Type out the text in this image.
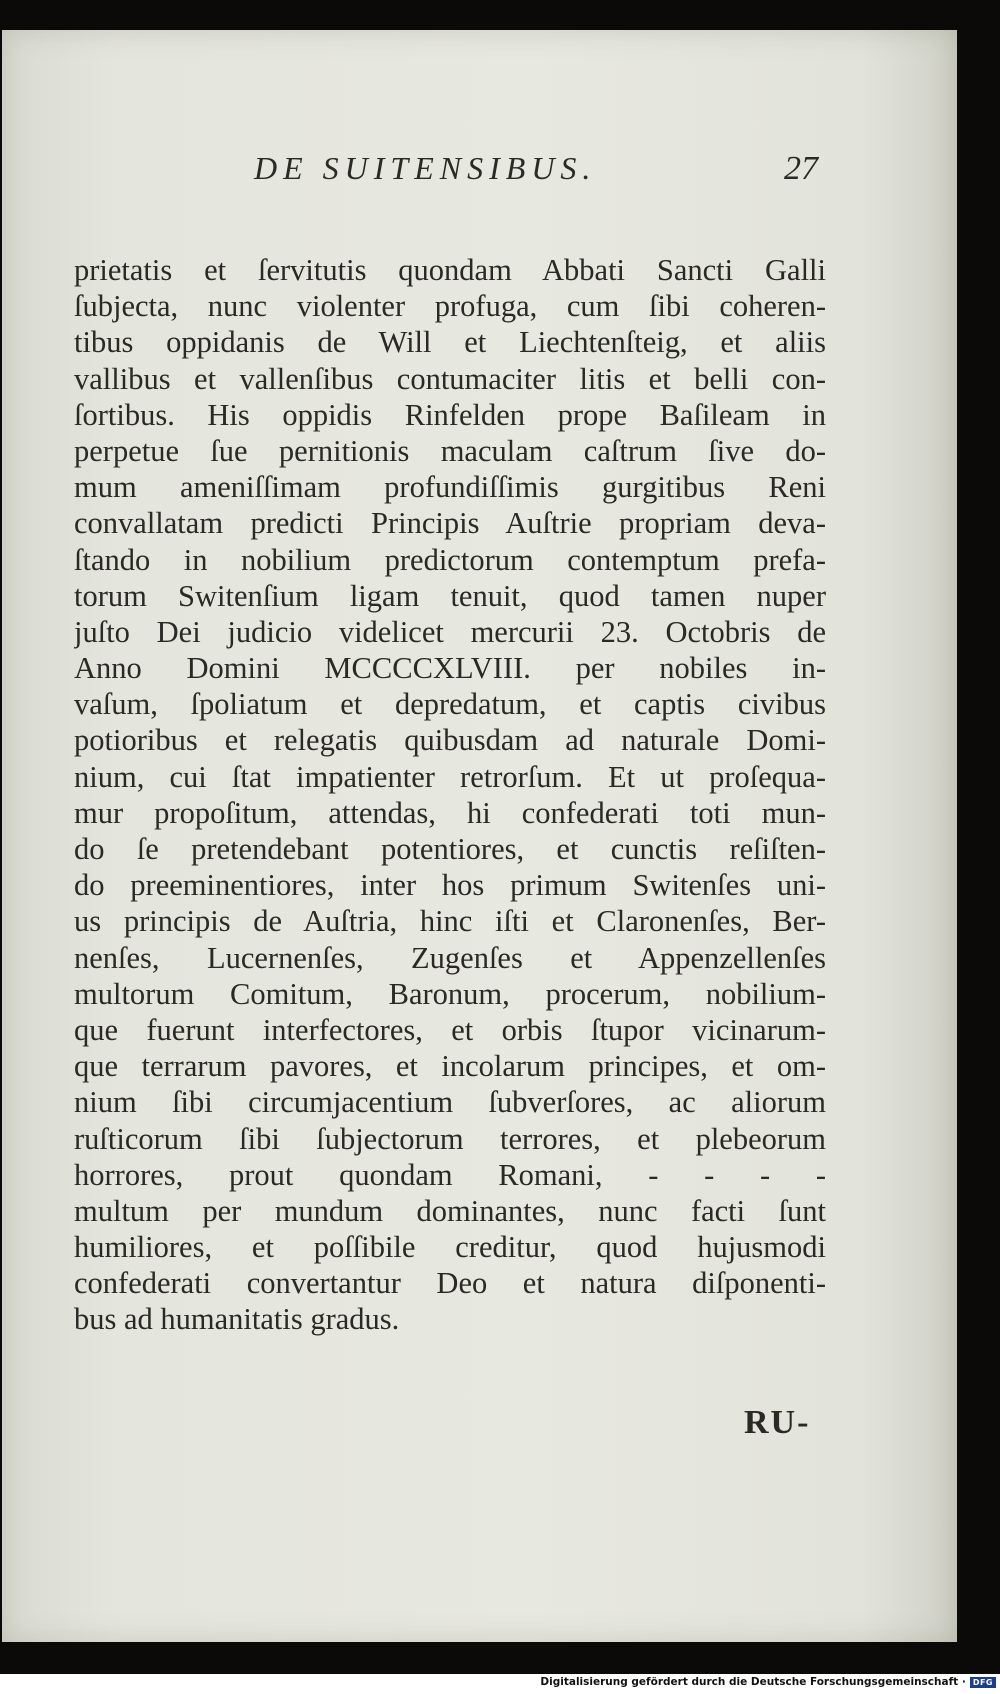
DE SUITENSIBUS.	27
prietatis et ſervitutis quondam Abbati Sancti Galli
ſubjecta, nunc violenter profuga, cum ſibi coheren-
tibus oppidanis de Will et Liechtenſteig, et aliis
vallibus et vallenſibus contumaciter litis et belli con-
ſortibus. His oppidis Rinfelden prope Baſileam in
perpetue ſue pernitionis maculam caſtrum ſive do-
mum ameniſſimam profundiſſimis gurgitibus Reni
convallatam predicti Principis Auſtrie propriam deva-
ſtando in nobilium predictorum contemptum prefa-
torum Switenſium ligam tenuit, quod tamen nuper
juſto Dei judicio videlicet mercurii 23. Octobris de
Anno Domini MCCCCXLVIII. per nobiles in-
vaſum, ſpoliatum et depredatum, et captis civibus
potioribus et relegatis quibusdam ad naturale Domi-
nium, cui ſtat impatienter retrorſum. Et ut proſequa-
mur propoſitum, attendas, hi confederati toti mun-
do ſe pretendebant potentiores, et cunctis reſiſten-
do preeminentiores, inter hos primum Switenſes uni-
us principis de Auſtria, hinc iſti et Claronenſes, Ber-
nenſes, Lucernenſes, Zugenſes et Appenzellenſes
multorum Comitum, Baronum, procerum, nobilium-
que fuerunt interfectores, et orbis ſtupor vicinarum-
que terrarum pavores, et incolarum principes, et om-
nium ſibi circumjacentium ſubverſores, ac aliorum
ruſticorum ſibi ſubjectorum terrores, et plebeorum
horrores, prout quondam Romani, - - - -
multum per mundum dominantes, nunc facti ſunt
humiliores, et poſſibile creditur, quod hujusmodi
confederati convertantur Deo et natura diſponenti-
bus ad humanitatis gradus.
RU-
Digitalisierung gefördert durch die Deutsche Forschungsgemeinschaft · DFG
